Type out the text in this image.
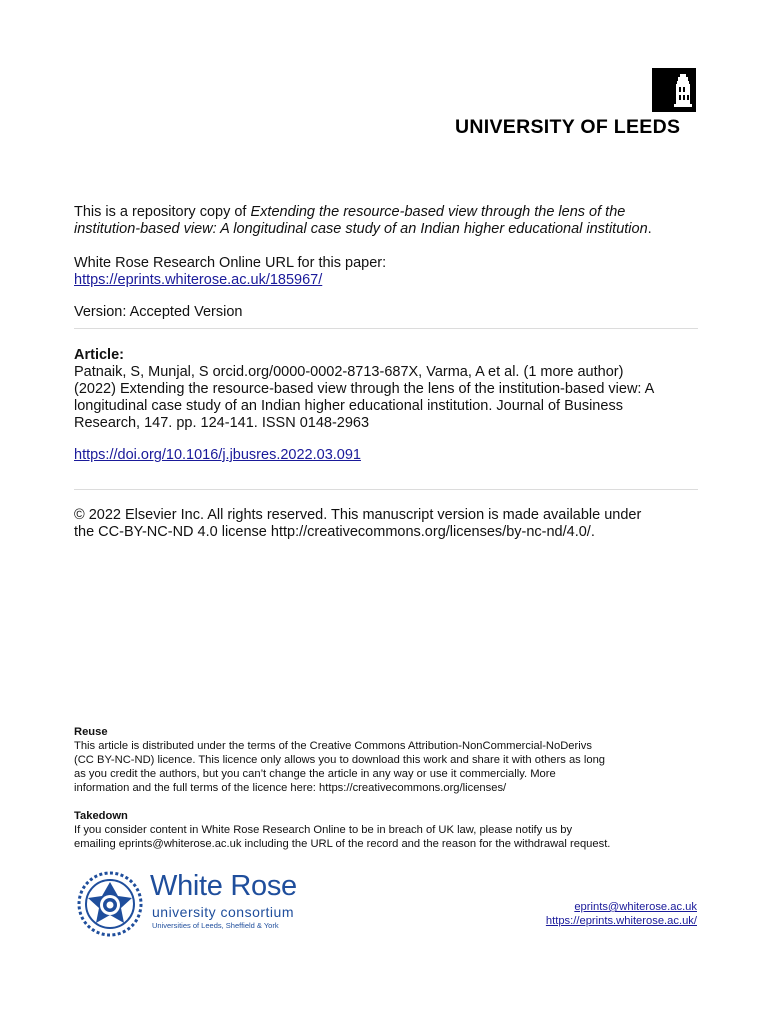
UNIVERSITY OF LEEDS
This is a repository copy of Extending the resource-based view through the lens of the
institution-based view: A longitudinal case study of an Indian higher educational institution.
White Rose Research Online URL for this paper:
https://eprints.whiterose.ac.uk/185967/
Version: Accepted Version
Article:
Patnaik, S, Munjal, S orcid.org/0000-0002-8713-687X, Varma, A et al. (1 more author)
(2022) Extending the resource-based view through the lens of the institution-based view: A
longitudinal case study of an Indian higher educational institution. Journal of Business
Research, 147. pp. 124-141. ISSN 0148-2963
https://doi.org/10.1016/j.jbusres.2022.03.091
© 2022 Elsevier Inc. All rights reserved. This manuscript version is made available under
the CC-BY-NC-ND 4.0 license http://creativecommons.org/licenses/by-nc-nd/4.0/.
Reuse
This article is distributed under the terms of the Creative Commons Attribution-NonCommercial-NoDerivs
(CC BY-NC-ND) licence. This licence only allows you to download this work and share it with others as long
as you credit the authors, but you can’t change the article in any way or use it commercially. More
information and the full terms of the licence here: https://creativecommons.org/licenses/
Takedown
If you consider content in White Rose Research Online to be in breach of UK law, please notify us by
emailing eprints@whiterose.ac.uk including the URL of the record and the reason for the withdrawal request.
White Rose
university consortium
Universities of Leeds, Sheffield & York
eprints@whiterose.ac.uk
https://eprints.whiterose.ac.uk/
